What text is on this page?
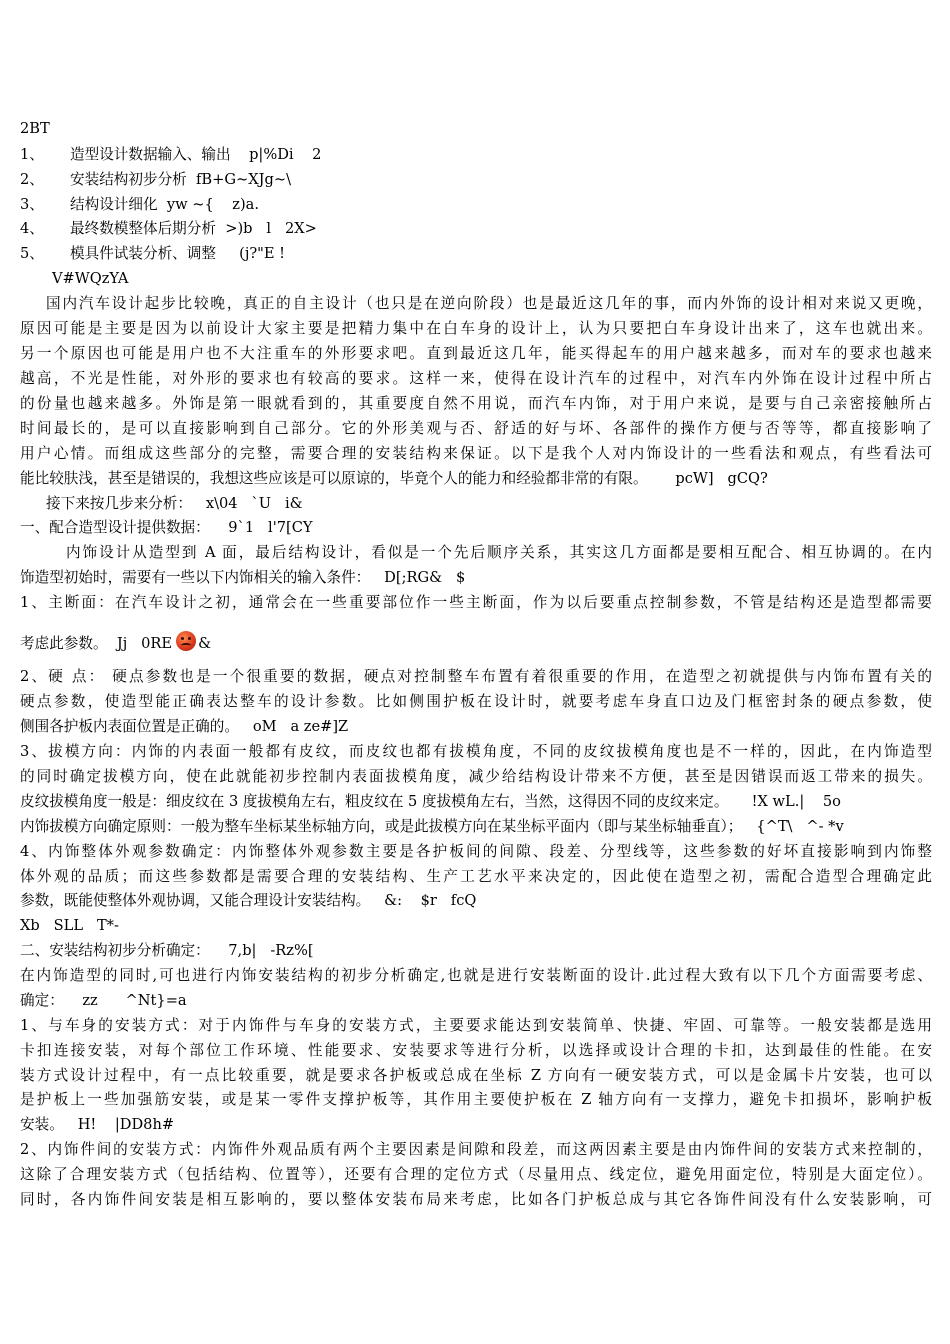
2BT
1、 造型设计数据输入、输出    p|%Di    2
2、 安装结构初步分析  fB+G~XJg~\
3、 结构设计细化  yw ~{    z)a.
4、 最终数模整体后期分析  >)b   l   2X>
5、 模具件试装分析、调整     (j?"E !
V#WQzYA
国内汽车设计起步比较晚，真正的自主设计（也只是在逆向阶段）也是最近这几年的事，而内外饰的设计相对来说又更晚，
原因可能是主要是因为以前设计大家主要是把精力集中在白车身的设计上，认为只要把白车身设计出来了，这车也就出来。
另一个原因也可能是用户也不大注重车的外形要求吧。直到最近这几年，能买得起车的用户越来越多，而对车的要求也越来
越高，不光是性能，对外形的要求也有较高的要求。这样一来，使得在设计汽车的过程中，对汽车内外饰在设计过程中所占
的份量也越来越多。外饰是第一眼就看到的，其重要度自然不用说，而汽车内饰，对于用户来说，是要与自己亲密接触所占
时间最长的，是可以直接影响到自己部分。它的外形美观与否、舒适的好与坏、各部件的操作方便与否等等，都直接影响了
用户心情。而组成这些部分的完整，需要合理的安装结构来保证。以下是我个人对内饰设计的一些看法和观点，有些看法可
能比较肤浅，甚至是错误的，我想这些应该是可以原谅的，毕竟个人的能力和经验都非常的有限。      pcW]   gCQ?
接下来按几步来分析：   x\04   `U   i&
一、配合造型设计提供数据：    9`1   l'7[CY
内饰设计从造型到 A 面，最后结构设计，看似是一个先后顺序关系，其实这几方面都是要相互配合、相互协调的。在内
饰造型初始时，需要有一些以下内饰相关的输入条件：   D[;RG&   $
1、主断面：在汽车设计之初，通常会在一些重要部位作一些主断面，作为以后要重点控制参数，不管是结构还是造型都需要
考虑此参数。  Jj   0RE &
2、硬 点： 硬点参数也是一个很重要的数据，硬点对控制整车布置有着很重要的作用，在造型之初就提供与内饰布置有关的
硬点参数，使造型能正确表达整车的设计参数。比如侧围护板在设计时，就要考虑车身直口边及门框密封条的硬点参数，使
侧围各护板内表面位置是正确的。   oM   a ze#]Z
3、拔模方向：内饰的内表面一般都有皮纹，而皮纹也都有拔模角度，不同的皮纹拔模角度也是不一样的，因此，在内饰造型
的同时确定拔模方向，使在此就能初步控制内表面拔模角度，减少给结构设计带来不方便，甚至是因错误而返工带来的损失。
皮纹拔模角度一般是：细皮纹在 3 度拔模角左右，粗皮纹在 5 度拔模角左右，当然，这得因不同的皮纹来定。     !X wL.|    5o
内饰拔模方向确定原则：一般为整车坐标某坐标轴方向，或是此拔模方向在某坐标平面内（即与某坐标轴垂直）；   {^T\   ^- *v
4、内饰整体外观参数确定：内饰整体外观参数主要是各护板间的间隙、段差、分型线等，这些参数的好坏直接影响到内饰整
体外观的品质；而这些参数都是需要合理的安装结构、生产工艺水平来决定的，因此使在造型之初，需配合造型合理确定此
参数，既能使整体外观协调，又能合理设计安装结构。   &:    $r   fcQ
Xb   SLL   T*-
二、安装结构初步分析确定：    7,b|   -Rz%[
在内饰造型的同时,可也进行内饰安装结构的初步分析确定,也就是进行安装断面的设计.此过程大致有以下几个方面需要考虑、
确定：    zz      ^Nt}=a
1、与车身的安装方式：对于内饰件与车身的安装方式，主要要求能达到安装简单、快捷、牢固、可靠等。一般安装都是选用
卡扣连接安装，对每个部位工作环境、性能要求、安装要求等进行分析，以选择或设计合理的卡扣，达到最佳的性能。在安
装方式设计过程中，有一点比较重要，就是要求各护板或总成在坐标 Z 方向有一硬安装方式，可以是金属卡片安装，也可以
是护板上一些加强筋安装，或是某一零件支撑护板等，其作用主要使护板在 Z 轴方向有一支撑力，避免卡扣损坏，影响护板
安装。   H!    |DD8h#
2、内饰件间的安装方式：内饰件外观品质有两个主要因素是间隙和段差，而这两因素主要是由内饰件间的安装方式来控制的，
这除了合理安装方式（包括结构、位置等），还要有合理的定位方式（尽量用点、线定位，避免用面定位，特别是大面定位）。
同时，各内饰件间安装是相互影响的，要以整体安装布局来考虑，比如各门护板总成与其它各饰件间没有什么安装影响，可
